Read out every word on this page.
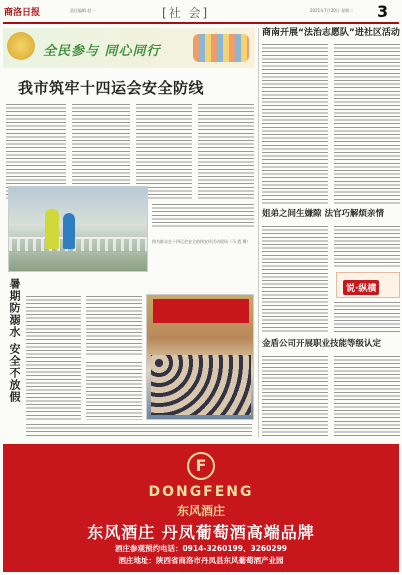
商洛日报	责任编辑 赵一	[社 会]	2021年7月20日 星期二 3
全民参与 同心同行
我市筑牢十四运会安全防线
图为群众在十四运会安全防线宣传活动现场（马 霞 摄）
暑期防溺水 安全不放假
商南开展“法治志愿队”进社区活动
姐弟之间生嫌隙 法官巧解烦亲情
说·纵横
金盾公司开展职业技能等级认定
F
DONGFENG
东风酒庄
东风酒庄 丹凤葡萄酒高端品牌
酒庄参观预约电话：0914-3260199、3260299
酒庄地址：陕西省商洛市丹凤县东风葡萄酒产业园
